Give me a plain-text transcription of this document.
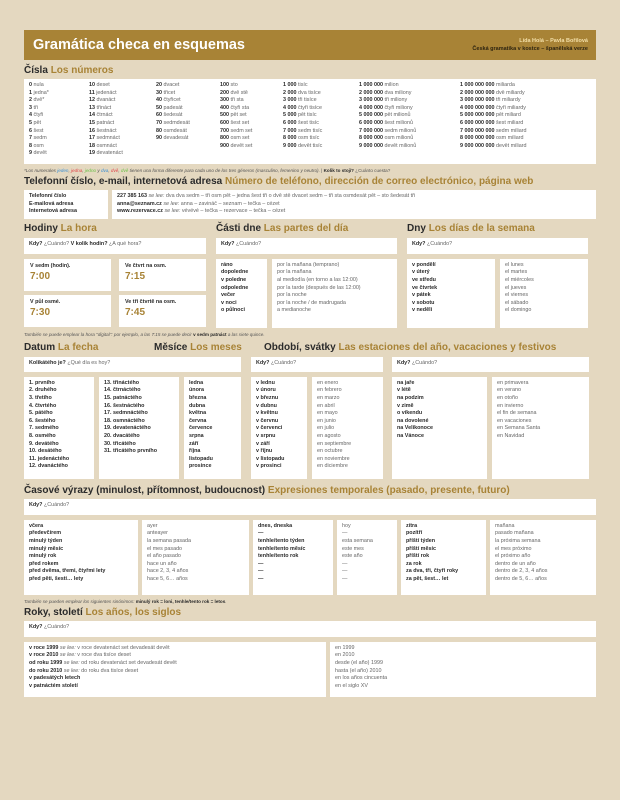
Gramática checa en esquemas	Lída Holá – Pavla Bořilová
Česká gramatika v kostce – španělská verze
Čísla Los números
0 nula
1 jedna*
2 dvě*
3 tři
4 čtyři
5 pět
6 šest
7 sedm
8 osm
9 devět
10 deset
11 jedenáct
12 dvanáct
13 třináct
14 čtrnáct
15 patnáct
16 šestnáct
17 sedmnáct
18 osmnáct
19 devatenáct
20 dvacet
30 třicet
40 čtyřicet
50 padesát
60 šedesát
70 sedmdesát
80 osmdesát
90 devadesát
100 sto
200 dvě stě
300 tři sta
400 čtyři sta
500 pět set
600 šest set
700 sedm set
800 osm set
900 devět set
1 000 tisíc
2 000 dva tisíce
3 000 tři tisíce
4 000 čtyři tisíce
5 000 pět tisíc
6 000 šest tisíc
7 000 sedm tisíc
8 000 osm tisíc
9 000 devět tisíc
1 000 000 milion
2 000 000 dva miliony
3 000 000 tři miliony
4 000 000 čtyři miliony
5 000 000 pět milionů
6 000 000 šest milionů
7 000 000 sedm milionů
8 000 000 osm milionů
9 000 000 devět milionů
1 000 000 000 miliarda
2 000 000 000 dvě miliardy
3 000 000 000 tři miliardy
4 000 000 000 čtyři miliardy
5 000 000 000 pět miliard
6 000 000 000 šest miliard
7 000 000 000 sedm miliard
8 000 000 000 osm miliard
9 000 000 000 devět miliard
*Los numerales jeden, jedna, jedno y dva, dvě, dvě tienen una forma diferente para cada uno de los tres géneros (masculino, femenino y neutro). | Kolik to stojí? ¿Cuánto cuesta?
Telefonní číslo, e-mail, internetová adresa Número de teléfono, dirección de correo electrónico, página web
Telefonní číslo
E-mailová adresa
Internetová adresa
227 385 163 se lee: dva dva sedm – tři osm pět – jedna šest tři o dvě stě dvacet sedm – tři sta osmdesát pět – sto šedesát tři
anna@seznam.cz se lee: anna – zavináč – seznam – tečka – cézet
www.rezervace.cz se lee: vévévé – tečka – rezervace – tečka – cézet
Hodiny La hora
Kdy? ¿Cuándo? V kolik hodin? ¿A qué hora?
V sedm (hodin).
7:00
Ve čtvrt na osm.
7:15
V půl osmé.
7:30
Ve tři čtvrtě na osm.
7:45
Části dne Las partes del día
Kdy? ¿Cuándo?
ráno
dopoledne
v poledne
odpoledne
večer
v noci
o půlnoci
por la mañana (temprano)
por la mañana
al mediodía (en torno a las 12:00)
por la tarde (después de las 12:00)
por la noche
por la noche / de madrugada
a medianoche
Dny Los días de la semana
Kdy? ¿Cuándo?
v pondělí
v úterý
ve středu
ve čtvrtek
v pátek
v sobotu
v neděli
el lunes
el martes
el miércoles
el jueves
el viernes
el sábado
el domingo
También se puede emplear la hora "digital": por ejemplo, a las 7:15 se puede decir v sedm patnáct a las siete quince.
Datum La fecha	Měsíce Los meses Období, svátky Las estaciones del año, vacaciones y festivos
Kolikátého je? ¿Qué día es hoy?
1. prvního
2. druhého
3. třetího
4. čtvrtého
5. pátého
6. šestého
7. sedmého
8. osmého
9. devátého
10. desátého
11. jedenáctého
12. dvanáctého
13. třináctého
14. čtrnáctého
15. patnáctého
16. šestnáctého
17. sedmnáctého
18. osmnáctého
19. devatenáctého
20. dvacátého
30. třicátého
31. třicátého prvního
ledna
února
března
dubna
května
června
července
srpna
září
října
listopadu
prosince
Kdy? ¿Cuándo?
v lednu
v únoru
v březnu
v dubnu
v květnu
v červnu
v červenci
v srpnu
v září
v říjnu
v listopadu
v prosinci
en enero
en febrero
en marzo
en abril
en mayo
en junio
en julio
en agosto
en septiembre
en octubre
en noviembre
en diciembre
Kdy? ¿Cuándo?
na jaře
v létě
na podzim
v zimě
o víkendu
na dovolené
na Velikonoce
na Vánoce
en primavera
en verano
en otoño
en invierno
el fin de semana
en vacaciones
en Semana Santa
en Navidad
Časové výrazy (minulost, přítomnost, budoucnost) Expresiones temporales (pasado, presente, futuro)
Kdy? ¿Cuándo?
včera
předevčírem
minulý týden
minulý měsíc
minulý rok
před rokem
před dvěma, třemi, čtyřmi lety
před pěti, šesti… lety
ayer
anteayer
la semana pasada
el mes pasado
el año pasado
hace un año
hace 2, 3, 4 años
hace 5, 6… años
dnes, dneska
—
tenhle/tento týden
tenhle/tento měsíc
tenhle/tento rok
—
—
—
hoy
—
esta semana
este mes
este año
—
—
—
zítra
pozítří
příští týden
příští měsíc
příští rok
za rok
za dva, tři, čtyři roky
za pět, šest… let
mañana
pasado mañana
la próxima semana
el mes próximo
el próximo año
dentro de un año
dentro de 2, 3, 4 años
dentro de 5, 6… años
También se pueden emplear los siguientes sinónimos: minulý rok = loni, tenhle/tento rok = letos.
Roky, století Los años, los siglos
Kdy? ¿Cuándo?
v roce 1999 se lee: v roce devatenáct set devadesát devět
v roce 2010 se lee: v roce dva tisíce deset
od roku 1999 se lee: od roku devatenáct set devadesát devět
do roku 2010 se lee: do roku dva tisíce deset
v padesátých letech
v patnáctém století
en 1999
en 2010
desde (el año) 1999
hasta (el año) 2010
en los años cincuenta
en el siglo XV
